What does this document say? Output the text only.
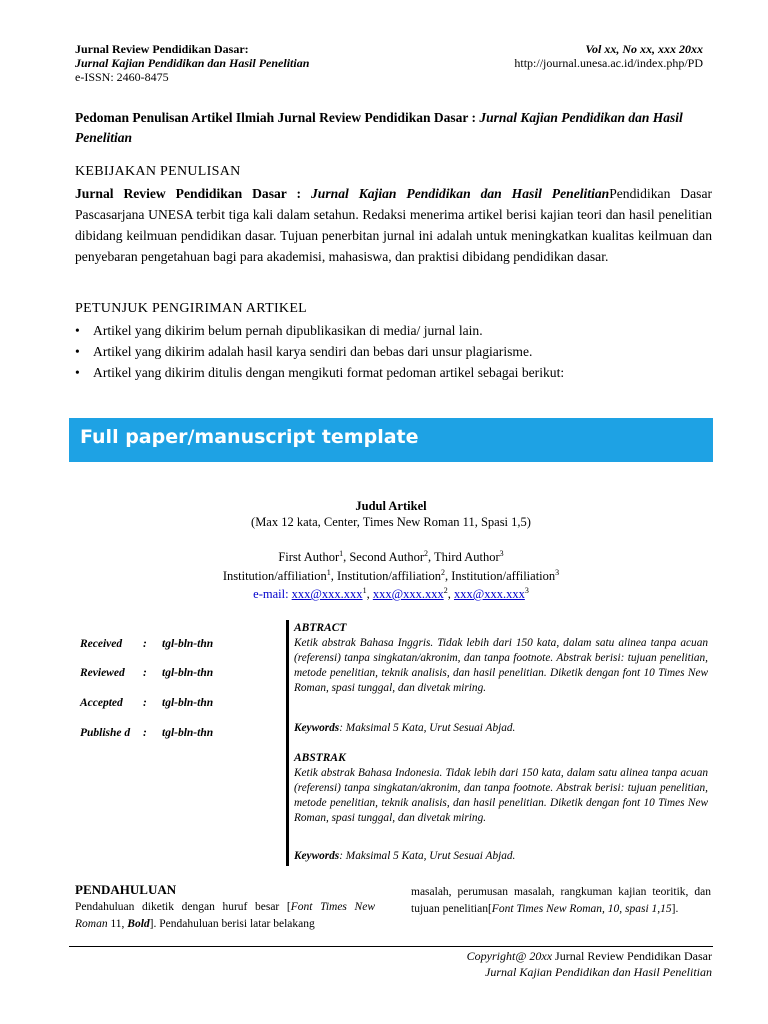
Jurnal Review Pendidikan Dasar:
Jurnal Kajian Pendidikan dan Hasil Penelitian
e-ISSN: 2460-8475
Vol xx, No xx, xxx 20xx
http://journal.unesa.ac.id/index.php/PD
Pedoman Penulisan Artikel Ilmiah Jurnal Review Pendidikan Dasar : Jurnal Kajian Pendidikan dan Hasil Penelitian
KEBIJAKAN PENULISAN
Jurnal Review Pendidikan Dasar : Jurnal Kajian Pendidikan dan Hasil PenelitianPendidikan Dasar Pascasarjana UNESA terbit tiga kali dalam setahun. Redaksi menerima artikel berisi kajian teori dan hasil penelitian dibidang keilmuan pendidikan dasar. Tujuan penerbitan jurnal ini adalah untuk meningkatkan kualitas keilmuan dan penyebaran pengetahuan bagi para akademisi, mahasiswa, dan praktisi dibidang pendidikan dasar.
PETUNJUK PENGIRIMAN ARTIKEL
• Artikel yang dikirim belum pernah dipublikasikan di media/ jurnal lain.
• Artikel yang dikirim adalah hasil karya sendiri dan bebas dari unsur plagiarisme.
• Artikel yang dikirim ditulis dengan mengikuti format pedoman artikel sebagai berikut:
Full paper/manuscript template
Judul Artikel
(Max 12 kata, Center, Times New Roman 11, Spasi 1,5)
First Author$^1$, Second Author$^2$, Third Author$^3$
Institution/affiliation$^1$, Institution/affiliation$^2$, Institution/affiliation$^3$
e-mail: xxx@xxx.xxx$^1$, xxx@xxx.xxx$^2$, xxx@xxx.xxx$^3$
Received	: tgl-bln-thn
Reviewed	: tgl-bln-thn
Accepted	: tgl-bln-thn
Publishe d	: tgl-bln-thn
ABTRACT
Ketik abstrak Bahasa Inggris. Tidak lebih dari 150 kata, dalam satu alinea tanpa acuan (referensi) tanpa singkatan/akronim, dan tanpa footnote. Abstrak berisi: tujuan penelitian, metode penelitian, teknik analisis, dan hasil penelitian. Diketik dengan font 10 Times New Roman, spasi tunggal, dan divetak miring.
Keywords: Maksimal 5 Kata, Urut Sesuai Abjad.
ABSTRAK
Ketik abstrak Bahasa Indonesia. Tidak lebih dari 150 kata, dalam satu alinea tanpa acuan (referensi) tanpa singkatan/akronim, dan tanpa footnote. Abstrak berisi: tujuan penelitian, metode penelitian, teknik analisis, dan hasil penelitian. Diketik dengan font 10 Times New Roman, spasi tunggal, dan divetak miring.
Keywords: Maksimal 5 Kata, Urut Sesuai Abjad.
PENDAHULUAN
Pendahuluan diketik dengan huruf besar [Font Times New Roman 11, Bold]. Pendahuluan berisi latar belakang
masalah, perumusan masalah, rangkuman kajian teoritik, dan tujuan penelitian[Font Times New Roman, 10, spasi 1,15].
Copyright@ 20xx Jurnal Review Pendidikan Dasar
Jurnal Kajian Pendidikan dan Hasil Penelitian
